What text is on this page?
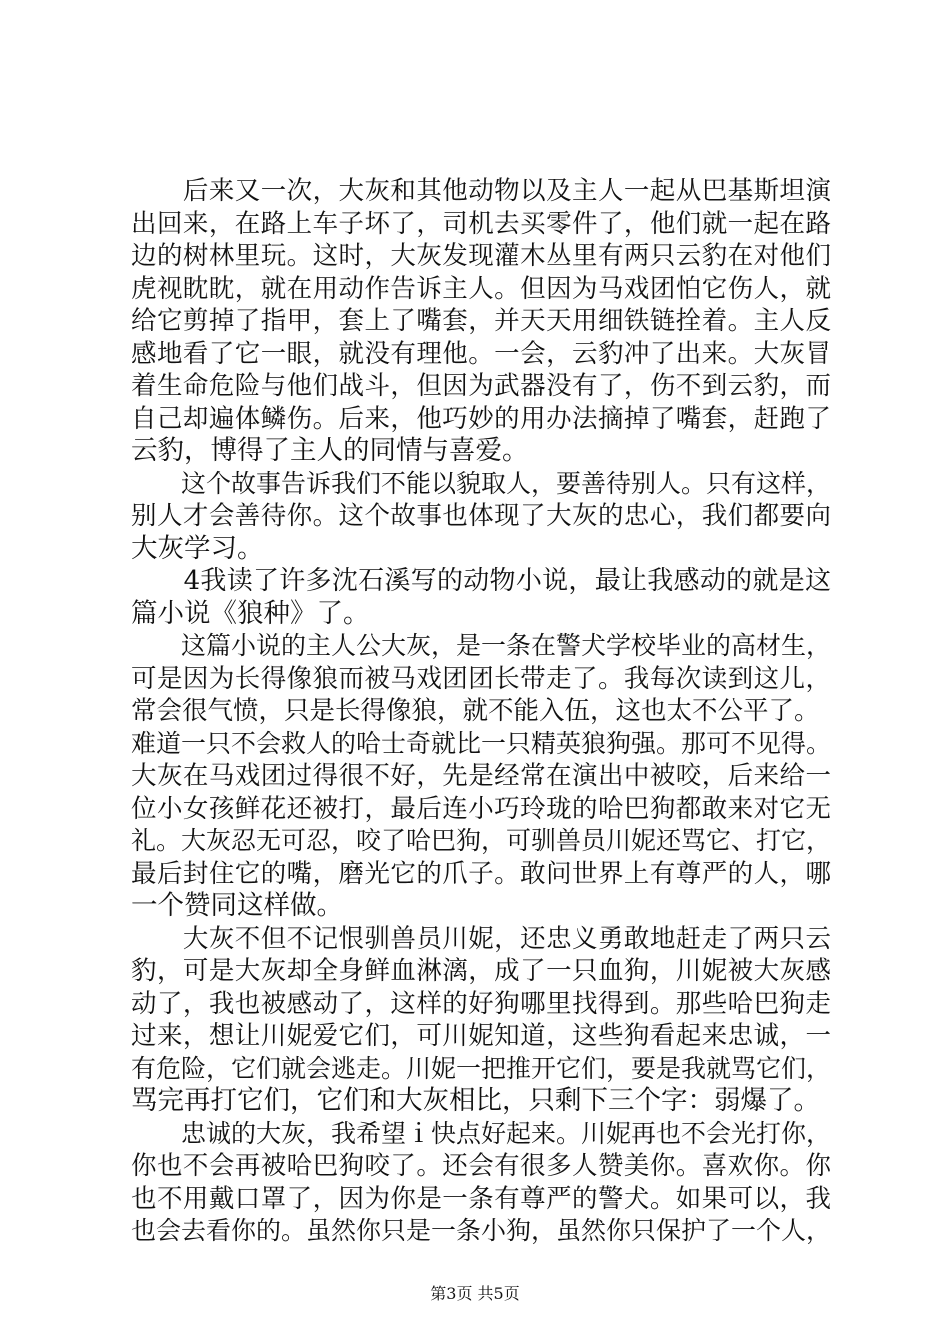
　　后来又一次，大灰和其他动物以及主人一起从巴基斯坦演
出回来，在路上车子坏了，司机去买零件了，他们就一起在路
边的树林里玩。这时，大灰发现灌木丛里有两只云豹在对他们
虎视眈眈，就在用动作告诉主人。但因为马戏团怕它伤人，就
给它剪掉了指甲，套上了嘴套，并天天用细铁链拴着。主人反
感地看了它一眼，就没有理他。一会，云豹冲了出来。大灰冒
着生命危险与他们战斗，但因为武器没有了，伤不到云豹，而
自己却遍体鳞伤。后来，他巧妙的用办法摘掉了嘴套，赶跑了
云豹，博得了主人的同情与喜爱。
　　这个故事告诉我们不能以貌取人，要善待别人。只有这样，
别人才会善待你。这个故事也体现了大灰的忠心，我们都要向
大灰学习。
　　4我读了许多沈石溪写的动物小说，最让我感动的就是这
篇小说《狼种》了。
　　这篇小说的主人公大灰，是一条在警犬学校毕业的高材生，
可是因为长得像狼而被马戏团团长带走了。我每次读到这儿，
常会很气愤，只是长得像狼，就不能入伍，这也太不公平了。
难道一只不会救人的哈士奇就比一只精英狼狗强。那可不见得。
大灰在马戏团过得很不好，先是经常在演出中被咬，后来给一
位小女孩鲜花还被打，最后连小巧玲珑的哈巴狗都敢来对它无
礼。大灰忍无可忍，咬了哈巴狗，可驯兽员川妮还骂它、打它，
最后封住它的嘴，磨光它的爪子。敢问世界上有尊严的人，哪
一个赞同这样做。
　　大灰不但不记恨驯兽员川妮，还忠义勇敢地赶走了两只云
豹，可是大灰却全身鲜血淋漓，成了一只血狗，川妮被大灰感
动了，我也被感动了，这样的好狗哪里找得到。那些哈巴狗走
过来，想让川妮爱它们，可川妮知道，这些狗看起来忠诚，一
有危险，它们就会逃走。川妮一把推开它们，要是我就骂它们，
骂完再打它们，它们和大灰相比，只剩下三个字：弱爆了。
　　忠诚的大灰，我希望ｉ快点好起来。川妮再也不会光打你，
你也不会再被哈巴狗咬了。还会有很多人赞美你。喜欢你。你
也不用戴口罩了，因为你是一条有尊严的警犬。如果可以，我
也会去看你的。虽然你只是一条小狗，虽然你只保护了一个人，
第3页 共5页
